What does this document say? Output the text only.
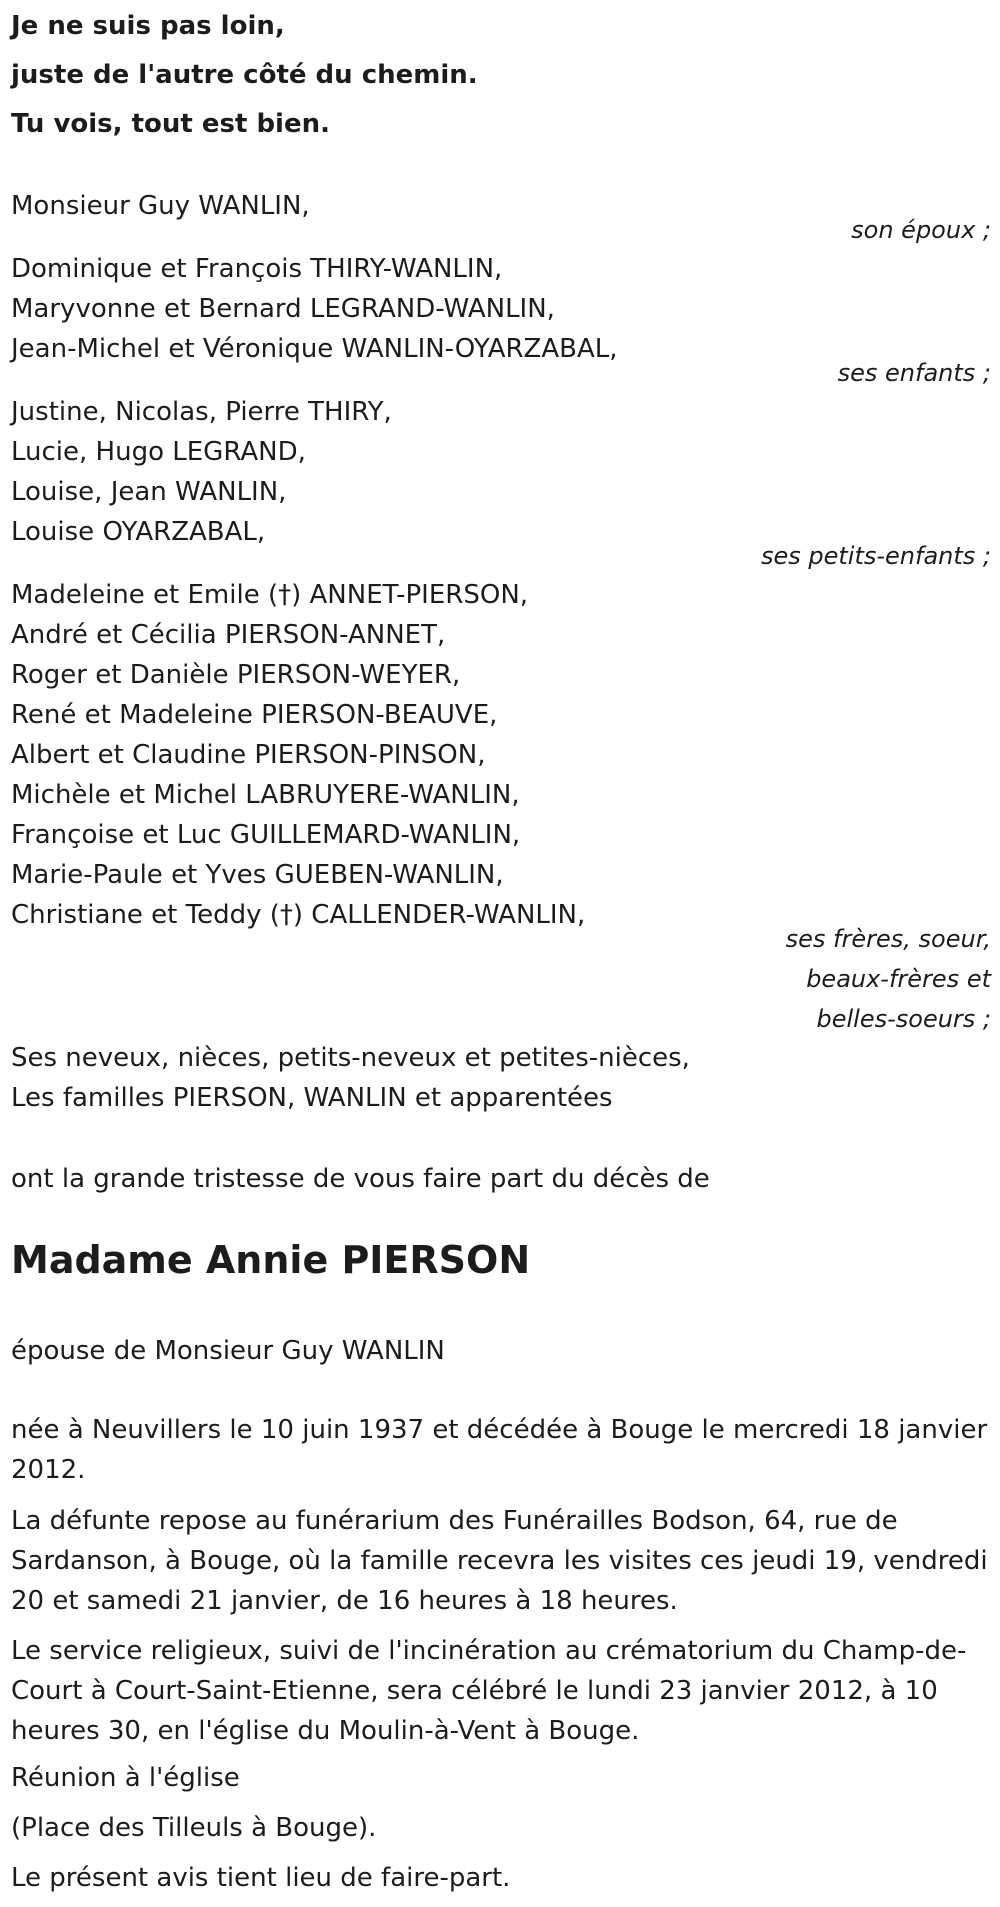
Je ne suis pas loin,
juste de l'autre côté du chemin.
Tu vois, tout est bien.
Monsieur Guy WANLIN,
son époux ;
Dominique et François THIRY-WANLIN,
Maryvonne et Bernard LEGRAND-WANLIN,
Jean-Michel et Véronique WANLIN-OYARZABAL,
ses enfants ;
Justine, Nicolas, Pierre THIRY,
Lucie, Hugo LEGRAND,
Louise, Jean WANLIN,
Louise OYARZABAL,
ses petits-enfants ;
Madeleine et Emile (†) ANNET-PIERSON,
André et Cécilia PIERSON-ANNET,
Roger et Danièle PIERSON-WEYER,
René et Madeleine PIERSON-BEAUVE,
Albert et Claudine PIERSON-PINSON,
Michèle et Michel LABRUYERE-WANLIN,
Françoise et Luc GUILLEMARD-WANLIN,
Marie-Paule et Yves GUEBEN-WANLIN,
Christiane et Teddy (†) CALLENDER-WANLIN,
ses frères, soeur,
beaux-frères et
belles-soeurs ;
Ses neveux, nièces, petits-neveux et petites-nièces,
Les familles PIERSON, WANLIN et apparentées
ont la grande tristesse de vous faire part du décès de
Madame Annie PIERSON
épouse de Monsieur Guy WANLIN
née à Neuvillers le 10 juin 1937 et décédée à Bouge le mercredi 18 janvier 2012.
La défunte repose au funérarium des Funérailles Bodson, 64, rue de Sardanson, à Bouge, où la famille recevra les visites ces jeudi 19, vendredi 20 et samedi 21 janvier, de 16 heures à 18 heures.
Le service religieux, suivi de l'incinération au crématorium du Champ-de-Court à Court-Saint-Etienne, sera célébré le lundi 23 janvier 2012, à 10 heures 30, en l'église du Moulin-à-Vent à Bouge.
Réunion à l'église
(Place des Tilleuls à Bouge).
Le présent avis tient lieu de faire-part.
